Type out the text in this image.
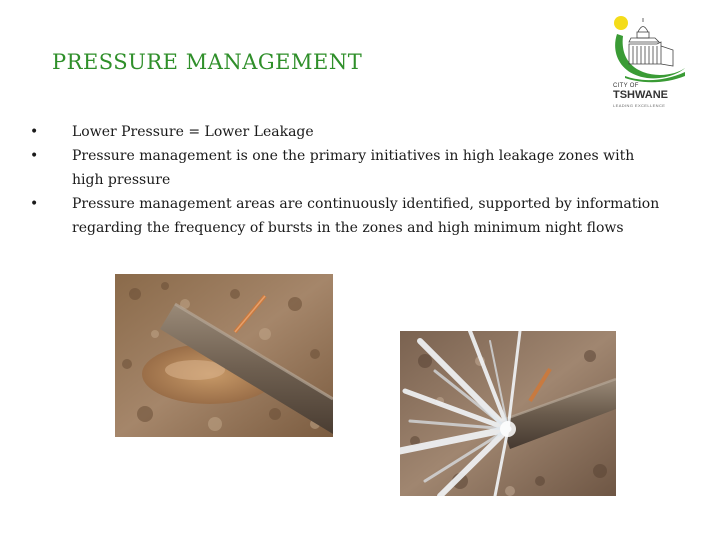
PRESSURE MANAGEMENT
CITY OF
TSHWANE
LEADING EXCELLENCE
• Lower Pressure = Lower Leakage
• Pressure management is one the primary initiatives in high leakage zones with high pressure
• Pressure management areas are continuously identified, supported by information regarding the frequency of bursts in the zones and high minimum night flows
